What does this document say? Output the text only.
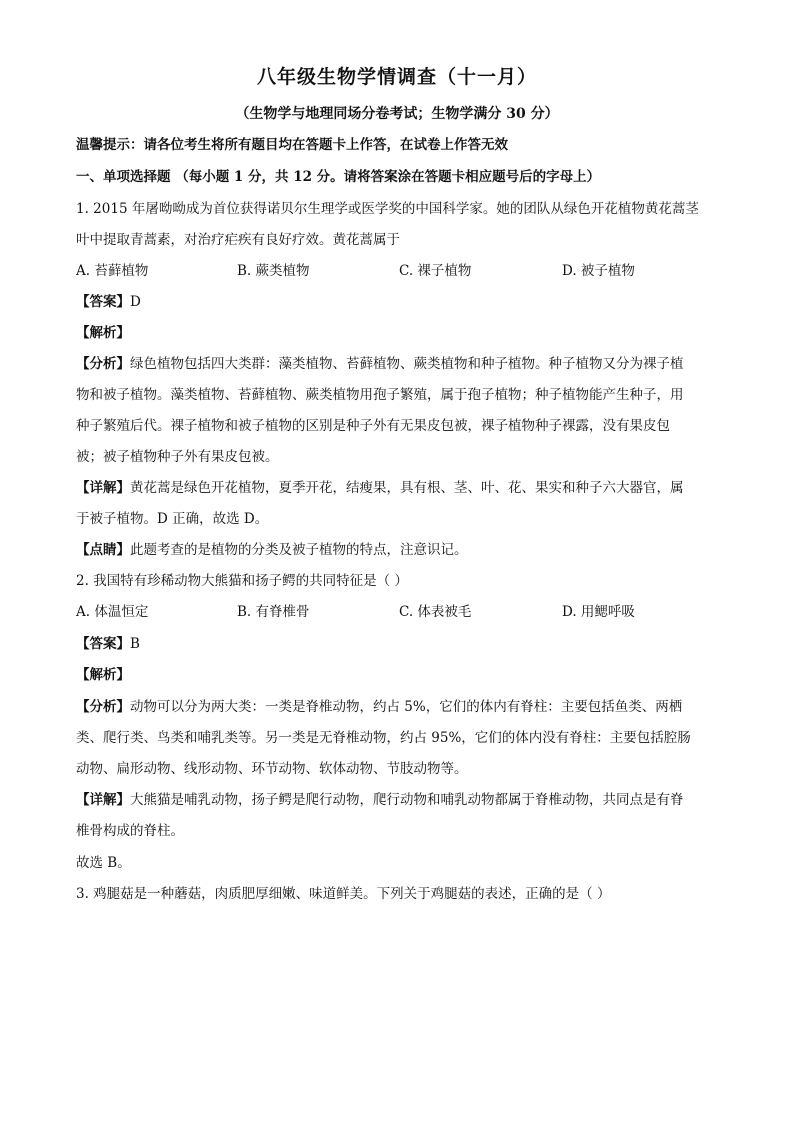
八年级生物学情调查（十一月）
（生物学与地理同场分卷考试；生物学满分 30 分）
温馨提示：请各位考生将所有题目均在答题卡上作答，在试卷上作答无效
一、单项选择题 （每小题 1 分，共 12 分。请将答案涂在答题卡相应题号后的字母上）
1. 2015 年屠呦呦成为首位获得诺贝尔生理学或医学奖的中国科学家。她的团队从绿色开花植物黄花蒿茎
叶中提取青蒿素，对治疗疟疾有良好疗效。黄花蒿属于
A. 苔藓植物	B. 蕨类植物	C. 裸子植物	D. 被子植物
【答案】D
【解析】
【分析】绿色植物包括四大类群：藻类植物、苔藓植物、蕨类植物和种子植物。种子植物又分为裸子植
物和被子植物。藻类植物、苔藓植物、蕨类植物用孢子繁殖，属于孢子植物；种子植物能产生种子，用
种子繁殖后代。裸子植物和被子植物的区别是种子外有无果皮包被，裸子植物种子裸露，没有果皮包
被；被子植物种子外有果皮包被。
【详解】黄花蒿是绿色开花植物，夏季开花，结瘦果，具有根、茎、叶、花、果实和种子六大器官，属
于被子植物。D 正确，故选 D。
【点睛】此题考查的是植物的分类及被子植物的特点，注意识记。
2. 我国特有珍稀动物大熊猫和扬子鳄的共同特征是（ ）
A. 体温恒定	B. 有脊椎骨	C. 体表被毛	D. 用鳃呼吸
【答案】B
【解析】
【分析】动物可以分为两大类：一类是脊椎动物，约占 5%，它们的体内有脊柱：主要包括鱼类、两栖
类、爬行类、鸟类和哺乳类等。另一类是无脊椎动物，约占 95%，它们的体内没有脊柱：主要包括腔肠
动物、扁形动物、线形动物、环节动物、软体动物、节肢动物等。
【详解】大熊猫是哺乳动物，扬子鳄是爬行动物，爬行动物和哺乳动物都属于脊椎动物，共同点是有脊
椎骨构成的脊柱。
故选 B。
3. 鸡腿菇是一种蘑菇，肉质肥厚细嫩、味道鲜美。下列关于鸡腿菇的表述，正确的是（ ）
